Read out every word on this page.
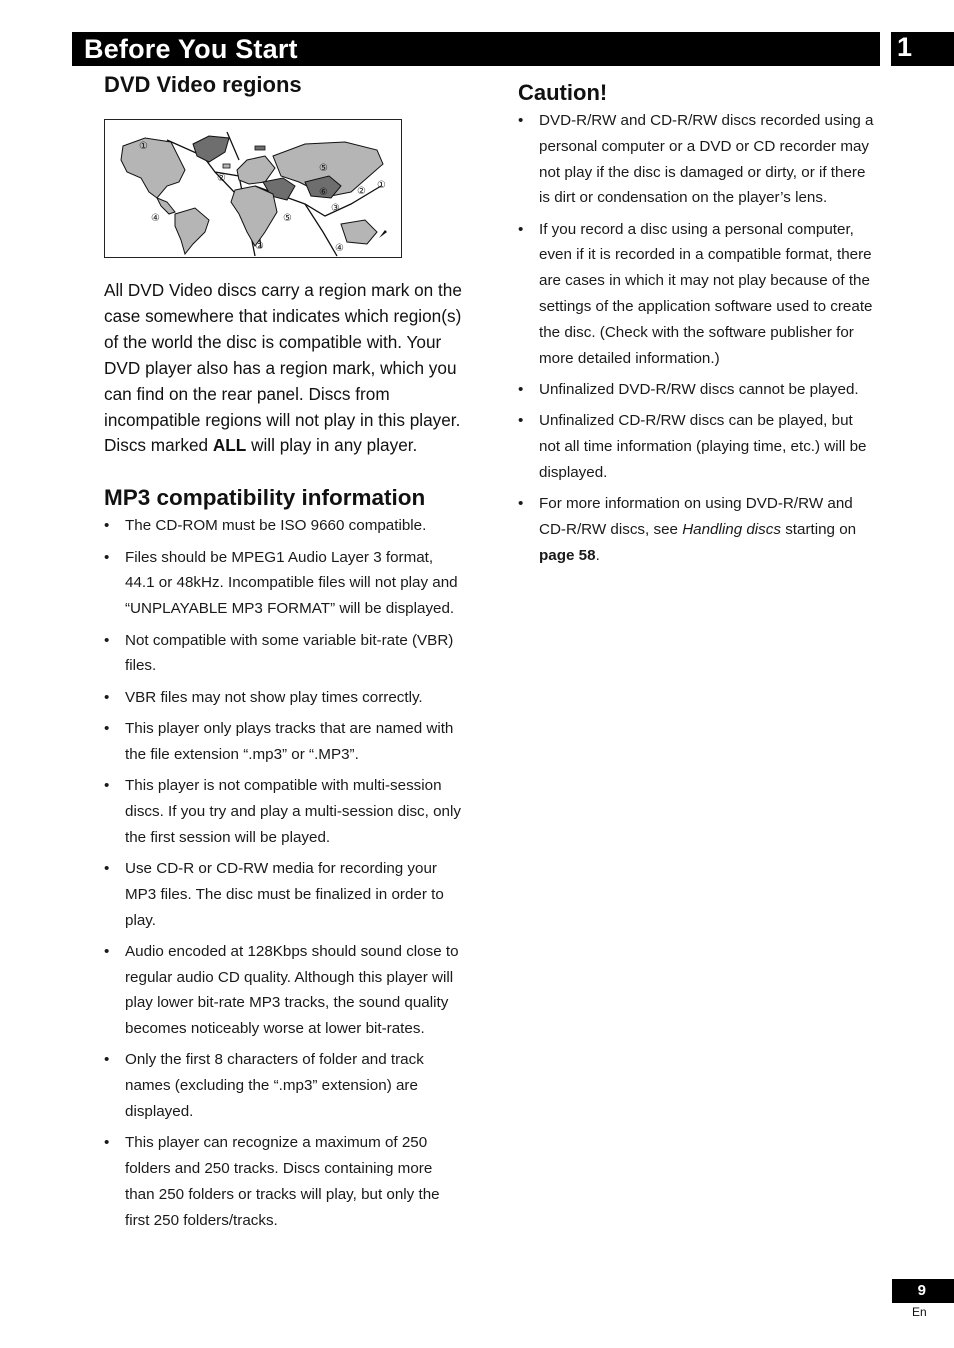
Before You Start	1
DVD Video regions
①
②
⑤
⑥
③
②
①
④	⑤
②	④

All DVD Video discs carry a region mark on the case somewhere that indicates which region(s) of the world the disc is compatible with. Your DVD player also has a region mark, which you can find on the rear panel. Discs from incompatible regions will not play in this player. Discs marked ALL will play in any player.

MP3 compatibility information
• The CD-ROM must be ISO 9660 compatible.
• Files should be MPEG1 Audio Layer 3 format, 44.1 or 48kHz. Incompatible files will not play and “UNPLAYABLE MP3 FORMAT” will be displayed.
• Not compatible with some variable bit-rate (VBR) files.
• VBR files may not show play times correctly.
• This player only plays tracks that are named with the file extension “.mp3” or “.MP3”.
• This player is not compatible with multi-session discs. If you try and play a multi-session disc, only the first session will be played.
• Use CD-R or CD-RW media for recording your MP3 files. The disc must be finalized in order to play.
• Audio encoded at 128Kbps should sound close to regular audio CD quality. Although this player will play lower bit-rate MP3 tracks, the sound quality becomes noticeably worse at lower bit-rates.
• Only the first 8 characters of folder and track names (excluding the “.mp3” extension) are displayed.
• This player can recognize a maximum of 250 folders and 250 tracks. Discs containing more than 250 folders or tracks will play, but only the first 250 folders/tracks.
Caution!
• DVD-R/RW and CD-R/RW discs recorded using a personal computer or a DVD or CD recorder may not play if the disc is damaged or dirty, or if there is dirt or condensation on the player’s lens.
• If you record a disc using a personal computer, even if it is recorded in a compatible format, there are cases in which it may not play because of the settings of the application software used to create the disc. (Check with the software publisher for more detailed information.)
• Unfinalized DVD-R/RW discs cannot be played.
• Unfinalized CD-R/RW discs can be played, but not all time information (playing time, etc.) will be displayed.
• For more information on using DVD-R/RW and CD-R/RW discs, see Handling discs starting on page 58.
9
En
